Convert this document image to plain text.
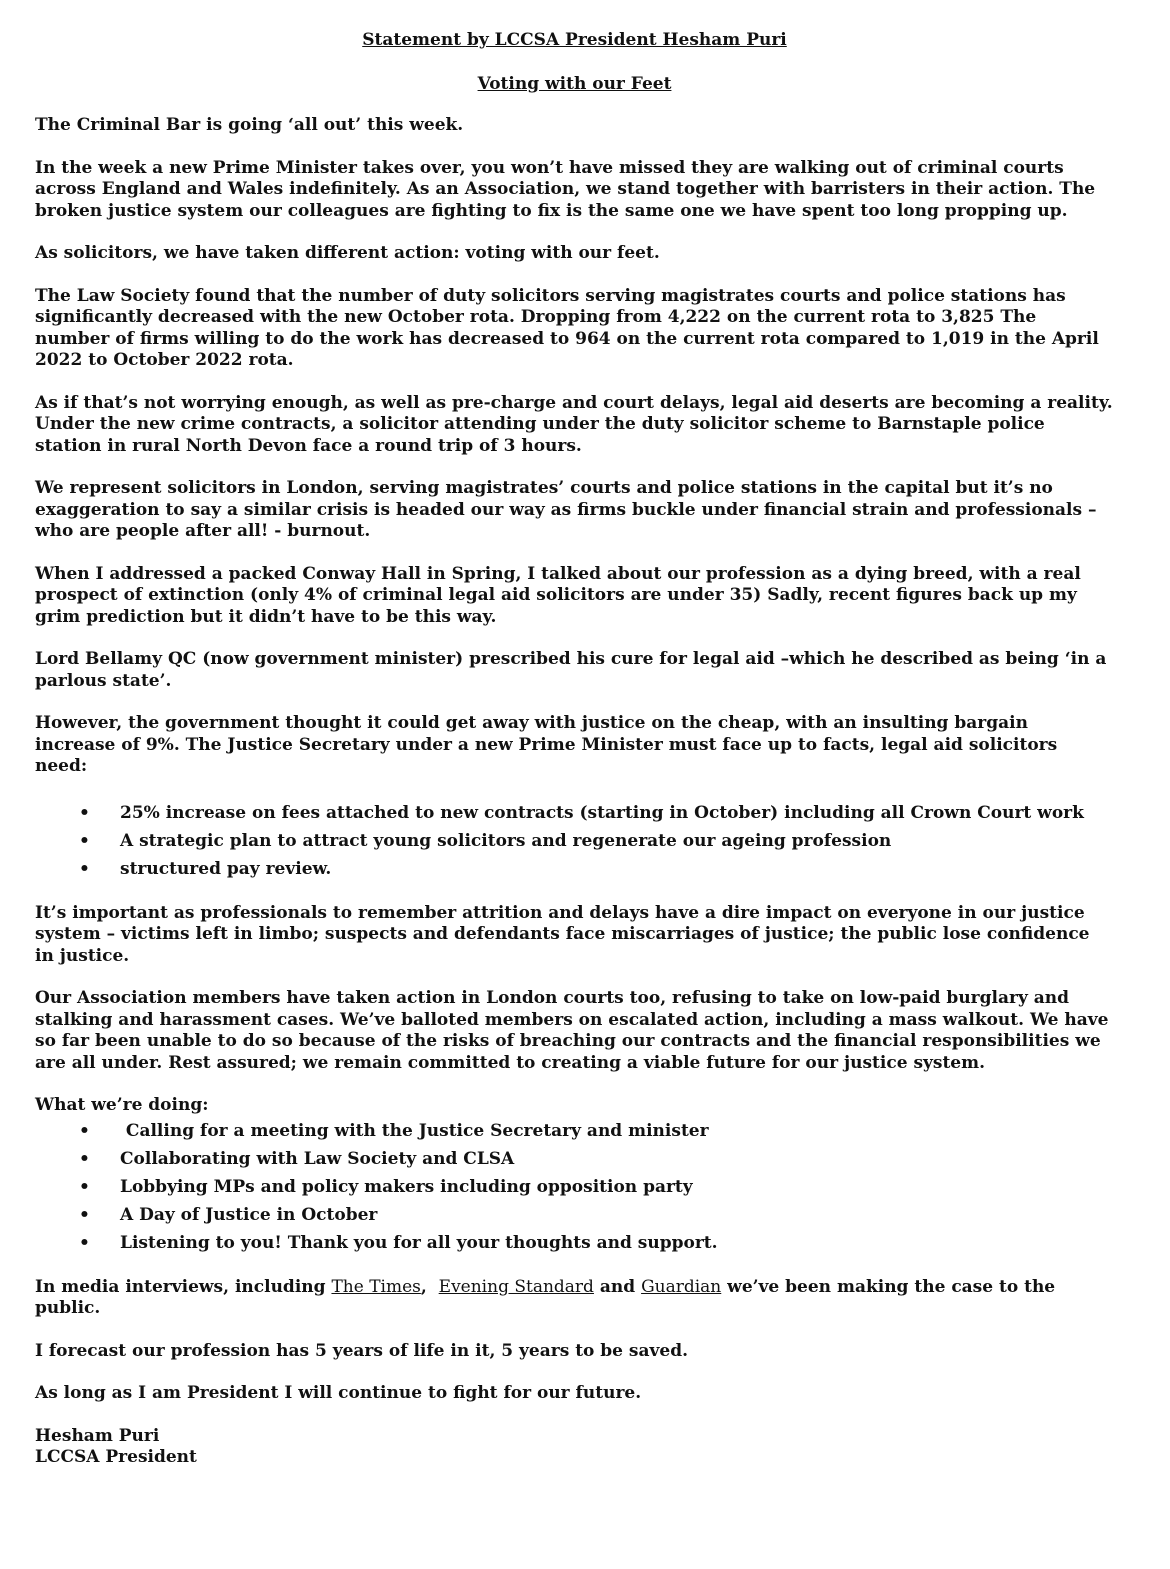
Statement by LCCSA President Hesham Puri
Voting with our Feet

The Criminal Bar is going ‘all out’ this week.

In the week a new Prime Minister takes over, you won’t have missed they are walking out of criminal courts across England and Wales indefinitely. As an Association, we stand together with barristers in their action. The broken justice system our colleagues are fighting to fix is the same one we have spent too long propping up.

As solicitors, we have taken different action: voting with our feet.

The Law Society found that the number of duty solicitors serving magistrates courts and police stations has significantly decreased with the new October rota. Dropping from 4,222 on the current rota to 3,825 The number of firms willing to do the work has decreased to 964 on the current rota compared to 1,019 in the April 2022 to October 2022 rota.

As if that’s not worrying enough, as well as pre-charge and court delays, legal aid deserts are becoming a reality. Under the new crime contracts, a solicitor attending under the duty solicitor scheme to Barnstaple police station in rural North Devon face a round trip of 3 hours.

We represent solicitors in London, serving magistrates’ courts and police stations in the capital but it’s no exaggeration to say a similar crisis is headed our way as firms buckle under financial strain and professionals – who are people after all! - burnout.

When I addressed a packed Conway Hall in Spring, I talked about our profession as a dying breed, with a real prospect of extinction (only 4% of criminal legal aid solicitors are under 35) Sadly, recent figures back up my grim prediction but it didn’t have to be this way.

Lord Bellamy QC (now government minister) prescribed his cure for legal aid –which he described as being ‘in a parlous state’.

However, the government thought it could get away with justice on the cheap, with an insulting bargain increase of 9%. The Justice Secretary under a new Prime Minister must face up to facts, legal aid solicitors need:

• 25% increase on fees attached to new contracts (starting in October) including all Crown Court work
• A strategic plan to attract young solicitors and regenerate our ageing profession
• structured pay review.

It’s important as professionals to remember attrition and delays have a dire impact on everyone in our justice system – victims left in limbo; suspects and defendants face miscarriages of justice; the public lose confidence in justice.

Our Association members have taken action in London courts too, refusing to take on low-paid burglary and stalking and harassment cases. We’ve balloted members on escalated action, including a mass walkout. We have so far been unable to do so because of the risks of breaching our contracts and the financial responsibilities we are all under. Rest assured; we remain committed to creating a viable future for our justice system.

What we’re doing:

• Calling for a meeting with the Justice Secretary and minister
• Collaborating with Law Society and CLSA
• Lobbying MPs and policy makers including opposition party
• A Day of Justice in October
• Listening to you! Thank you for all your thoughts and support.

In media interviews, including The Times,  Evening Standard and Guardian we’ve been making the case to the public.

I forecast our profession has 5 years of life in it, 5 years to be saved.

As long as I am President I will continue to fight for our future.

Hesham Puri

LCCSA President
